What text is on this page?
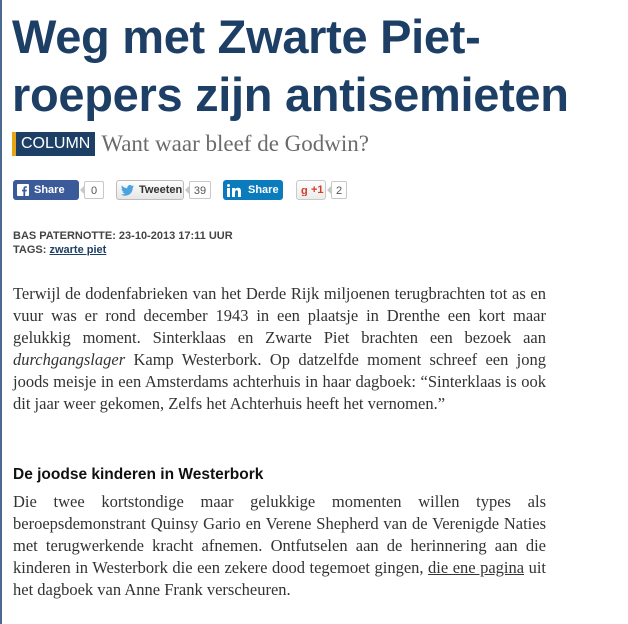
Weg met Zwarte Piet-roepers zijn antisemieten
COLUMN Want waar bleef de Godwin?
Share	0	Tweeten	39	Share g +1	2
BAS PATERNOTTE: 23-10-2013 17:11 UUR
TAGS: zwarte piet

Terwijl de dodenfabrieken van het Derde Rijk miljoenen terugbrachten tot as en vuur was er rond december 1943 in een plaatsje in Drenthe een kort maar gelukkig moment. Sinterklaas en Zwarte Piet brachten een bezoek aan durchgangslager Kamp Westerbork. Op datzelfde moment schreef een jong joods meisje in een Amsterdams achterhuis in haar dagboek: “Sinterklaas is ook dit jaar weer gekomen, Zelfs het Achterhuis heeft het vernomen.”

De joodse kinderen in Westerbork

Die twee kortstondige maar gelukkige momenten willen types als beroepsdemonstrant Quinsy Gario en Verene Shepherd van de Verenigde Naties met terugwerkende kracht afnemen. Ontfutselen aan de herinnering aan die kinderen in Westerbork die een zekere dood tegemoet gingen, die ene pagina uit het dagboek van Anne Frank verscheuren.
